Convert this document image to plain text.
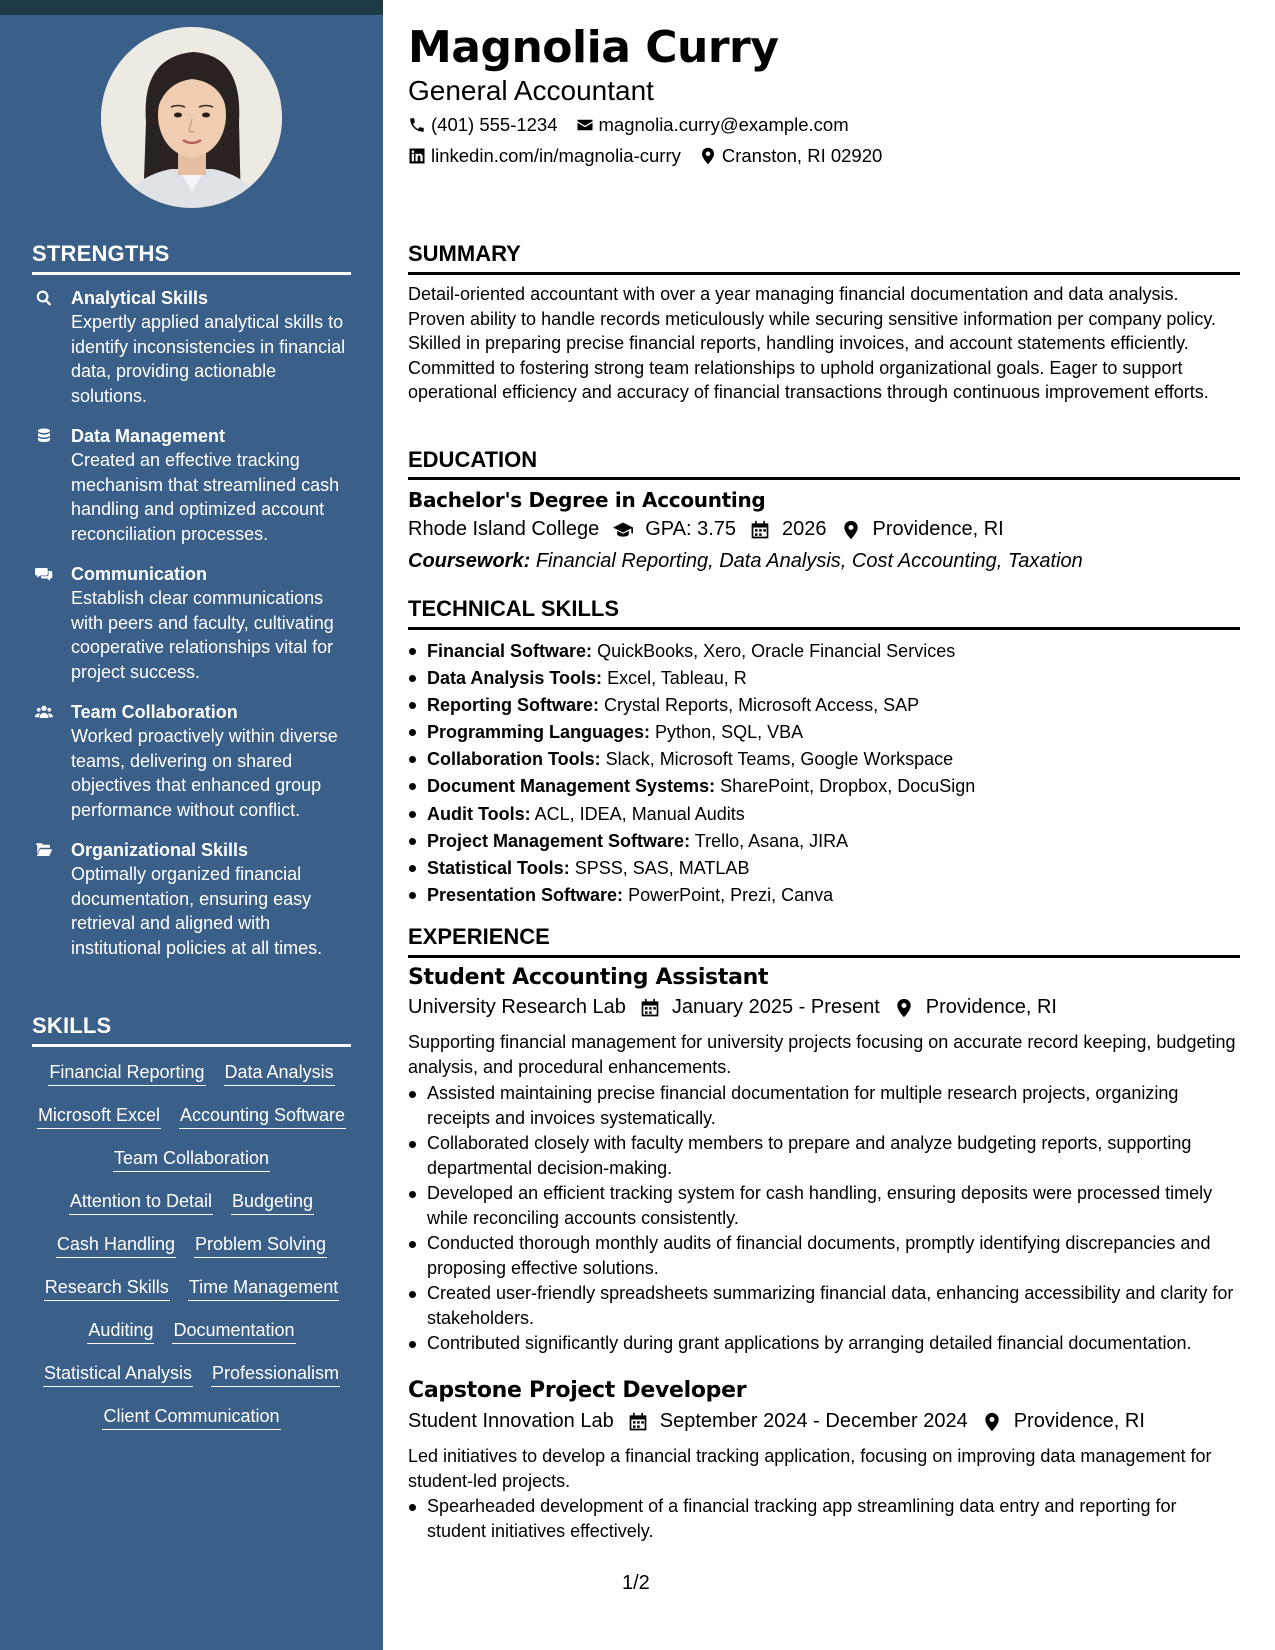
STRENGTHS
Analytical Skills
Expertly applied analytical skills to identify inconsistencies in financial data, providing actionable solutions.
Data Management
Created an effective tracking mechanism that streamlined cash handling and optimized account reconciliation processes.
Communication
Establish clear communications with peers and faculty, cultivating cooperative relationships vital for project success.
Team Collaboration
Worked proactively within diverse teams, delivering on shared objectives that enhanced group performance without conflict.
Organizational Skills
Optimally organized financial documentation, ensuring easy retrieval and aligned with institutional policies at all times.
SKILLS
Financial Reporting Data Analysis
Microsoft Excel Accounting Software
Team Collaboration
Attention to Detail Budgeting
Cash Handling Problem Solving
Research Skills Time Management
Auditing Documentation
Statistical Analysis Professionalism
Client Communication
Magnolia Curry
General Accountant
(401) 555-1234 magnolia.curry@example.com
linkedin.com/in/magnolia-curry Cranston, RI 02920
SUMMARY
Detail-oriented accountant with over a year managing financial documentation and data analysis. Proven ability to handle records meticulously while securing sensitive information per company policy. Skilled in preparing precise financial reports, handling invoices, and account statements efficiently. Committed to fostering strong team relationships to uphold organizational goals. Eager to support operational efficiency and accuracy of financial transactions through continuous improvement efforts.
EDUCATION
Bachelor's Degree in Accounting
Rhode Island College GPA: 3.75 2026 Providence, RI
Coursework: Financial Reporting, Data Analysis, Cost Accounting, Taxation
TECHNICAL SKILLS
Financial Software: QuickBooks, Xero, Oracle Financial Services
Data Analysis Tools: Excel, Tableau, R
Reporting Software: Crystal Reports, Microsoft Access, SAP
Programming Languages: Python, SQL, VBA
Collaboration Tools: Slack, Microsoft Teams, Google Workspace
Document Management Systems: SharePoint, Dropbox, DocuSign
Audit Tools: ACL, IDEA, Manual Audits
Project Management Software: Trello, Asana, JIRA
Statistical Tools: SPSS, SAS, MATLAB
Presentation Software: PowerPoint, Prezi, Canva
EXPERIENCE
Student Accounting Assistant
University Research Lab January 2025 - Present Providence, RI
Supporting financial management for university projects focusing on accurate record keeping, budgeting analysis, and procedural enhancements.
Assisted maintaining precise financial documentation for multiple research projects, organizing receipts and invoices systematically.
Collaborated closely with faculty members to prepare and analyze budgeting reports, supporting departmental decision-making.
Developed an efficient tracking system for cash handling, ensuring deposits were processed timely while reconciling accounts consistently.
Conducted thorough monthly audits of financial documents, promptly identifying discrepancies and proposing effective solutions.
Created user-friendly spreadsheets summarizing financial data, enhancing accessibility and clarity for stakeholders.
Contributed significantly during grant applications by arranging detailed financial documentation.
Capstone Project Developer
Student Innovation Lab September 2024 - December 2024 Providence, RI
Led initiatives to develop a financial tracking application, focusing on improving data management for student-led projects.
Spearheaded development of a financial tracking app streamlining data entry and reporting for student initiatives effectively.
1/2
